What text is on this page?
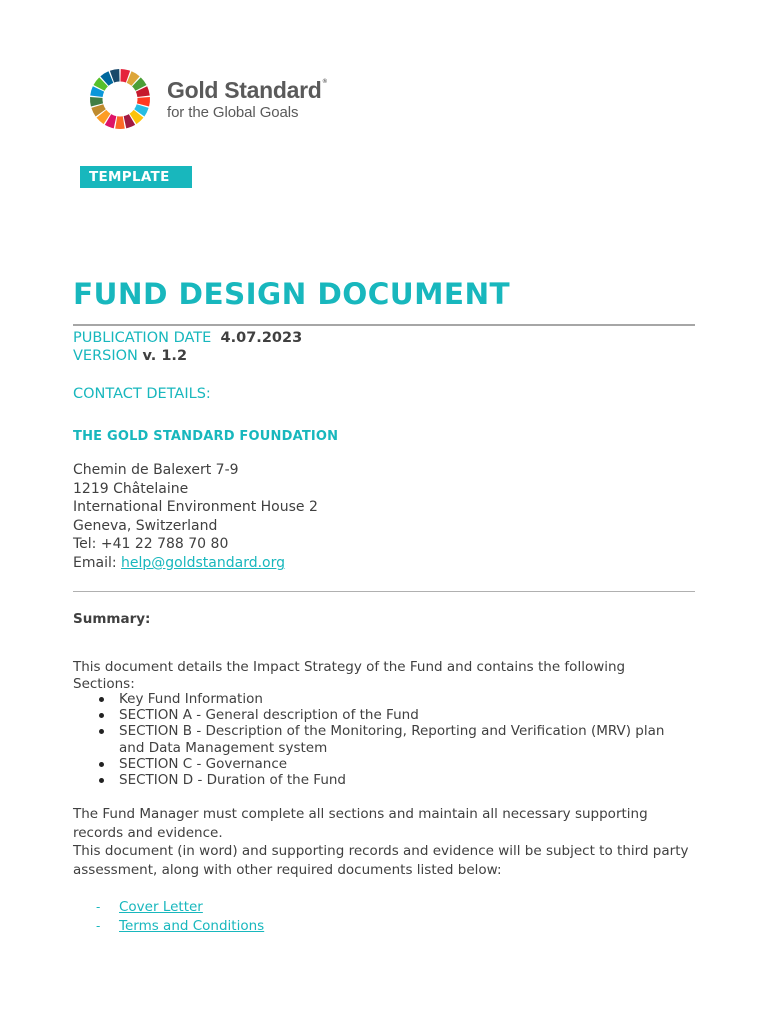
Gold Standard®
for the Global Goals
TEMPLATE
FUND DESIGN DOCUMENT
PUBLICATION DATE 4.07.2023
VERSION v. 1.2
CONTACT DETAILS:
THE GOLD STANDARD FOUNDATION
Chemin de Balexert 7-9
1219 Châtelaine
International Environment House 2
Geneva, Switzerland
Tel: +41 22 788 70 80
Email: help@goldstandard.org
Summary:
This document details the Impact Strategy of the Fund and contains the following Sections:
Key Fund Information
SECTION A - General description of the Fund
SECTION B - Description of the Monitoring, Reporting and Verification (MRV) plan and Data Management system
SECTION C - Governance
SECTION D - Duration of the Fund
The Fund Manager must complete all sections and maintain all necessary supporting records and evidence.
This document (in word) and supporting records and evidence will be subject to third party assessment, along with other required documents listed below:
- Cover Letter
- Terms and Conditions
